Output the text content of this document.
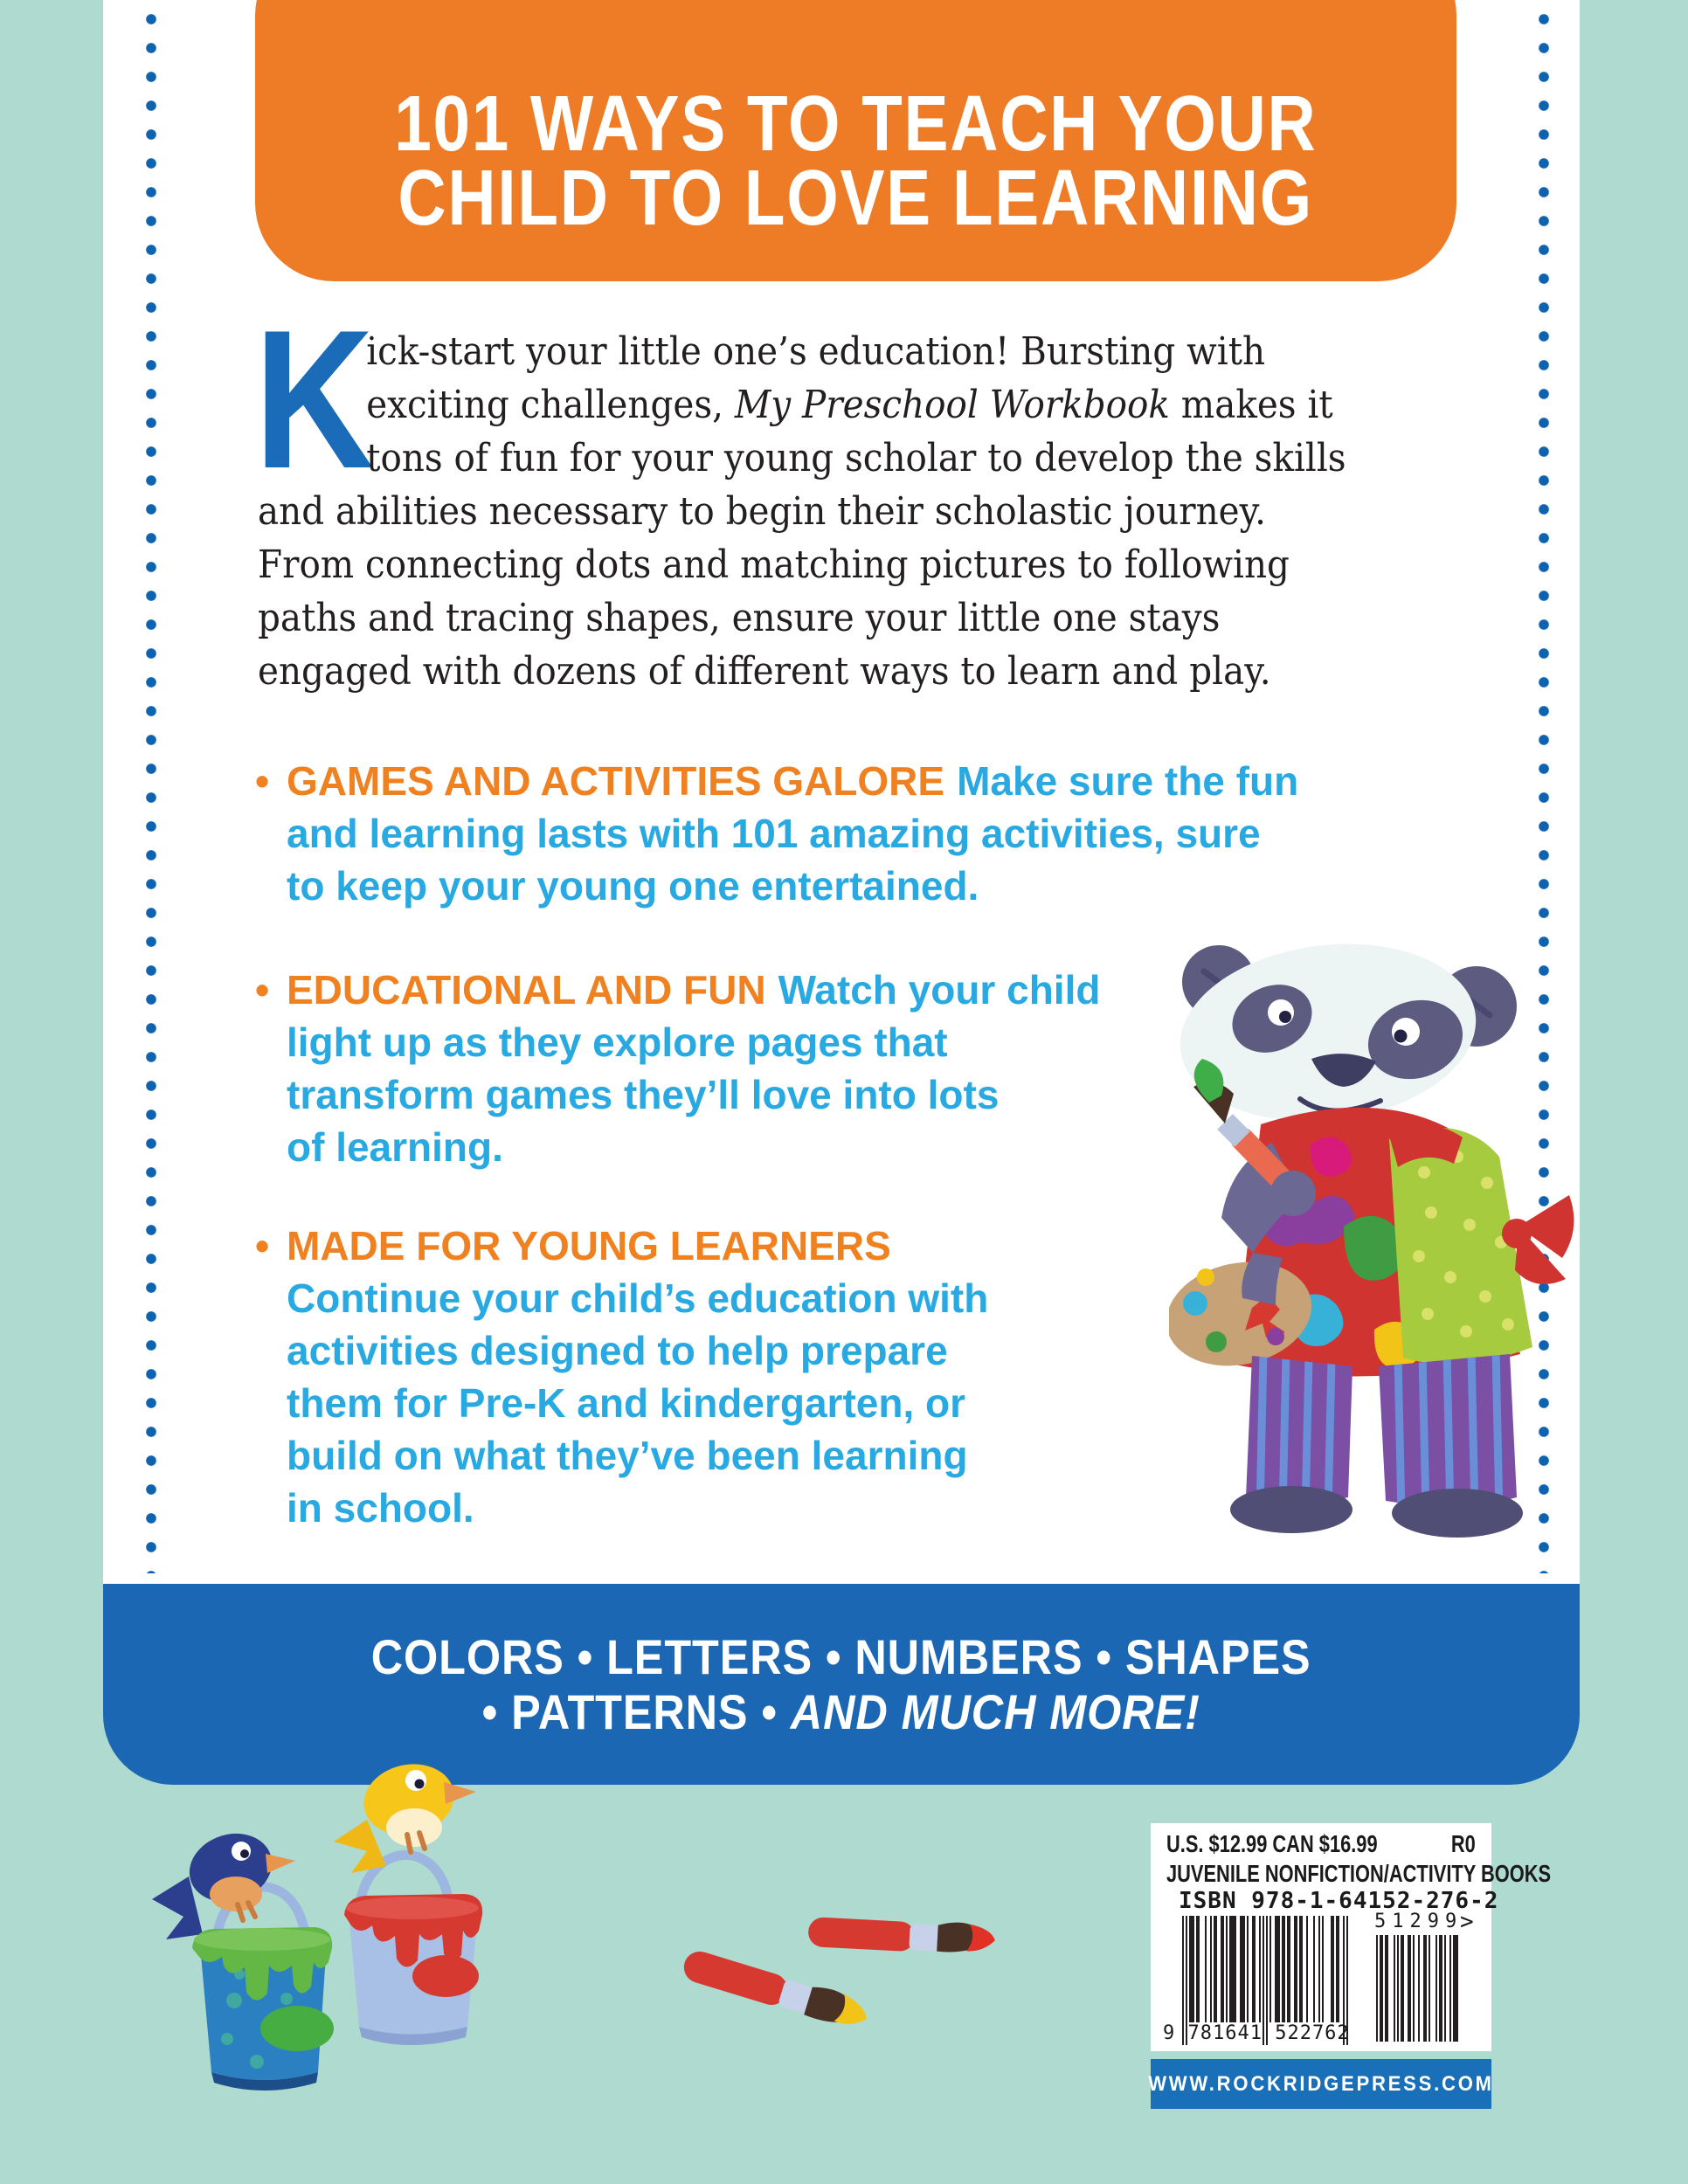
101 WAYS TO TEACH YOUR
CHILD TO LOVE LEARNING
K
ick-start your little one’s education! Bursting with
exciting challenges, My Preschool Workbook makes it
tons of fun for your young scholar to develop the skills
and abilities necessary to begin their scholastic journey.
From connecting dots and matching pictures to following
paths and tracing shapes, ensure your little one stays
engaged with dozens of different ways to learn and play.
• GAMES AND ACTIVITIES GALORE Make sure the fun
and learning lasts with 101 amazing activities, sure
to keep your young one entertained.
• EDUCATIONAL AND FUN Watch your child
light up as they explore pages that
transform games they’ll love into lots
of learning.
• MADE FOR YOUNG LEARNERS
Continue your child’s education with
activities designed to help prepare
them for Pre-K and kindergarten, or
build on what they’ve been learning
in school.
COLORS • LETTERS • NUMBERS • SHAPES
• PATTERNS • AND MUCH MORE!
U.S. $12.99 CAN $16.99	R0
JUVENILE NONFICTION/ACTIVITY BOOKS
ISBN 978-1-64152-276-2
9 781641 522762
51299
>
WWW.ROCKRIDGEPRESS.COM
